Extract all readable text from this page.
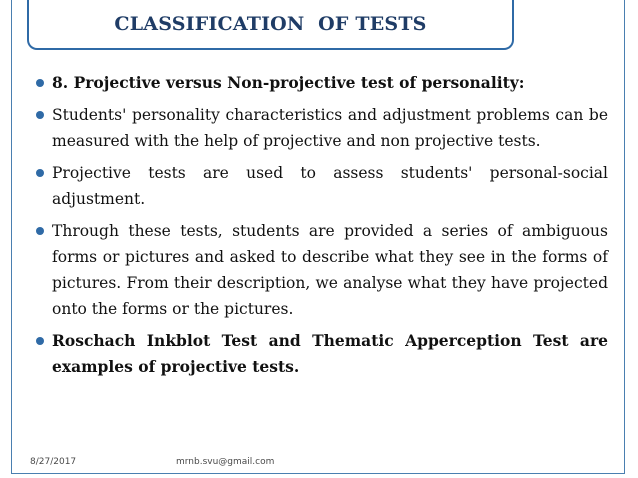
CLASSIFICATION  OF TESTS
8. Projective versus Non-projective test of personality:
Students' personality characteristics and adjustment problems can be measured with the help of projective and non projective tests.
Projective tests are used to assess students' personal-social adjustment.
Through these tests, students are provided a series of ambiguous forms or pictures and asked to describe what they see in the forms of pictures. From their description, we analyse what they have projected onto the forms or the pictures.
Roschach Inkblot Test and Thematic Apperception Test are examples of projective tests.
8/27/2017	mrnb.svu@gmail.com
